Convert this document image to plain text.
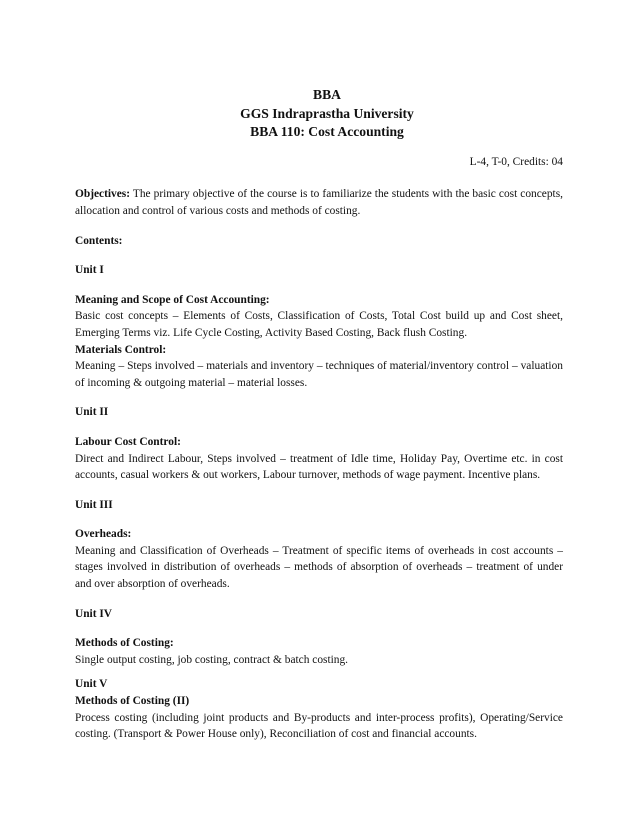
BBA
GGS Indraprastha University
BBA 110: Cost Accounting
L-4, T-0, Credits: 04
Objectives: The primary objective of the course is to familiarize the students with the basic cost concepts, allocation and control of various costs and methods of costing.
Contents:
Unit I
Meaning and Scope of Cost Accounting:
Basic cost concepts – Elements of Costs, Classification of Costs, Total Cost build up and Cost sheet, Emerging Terms viz. Life Cycle Costing, Activity Based Costing, Back flush Costing.
Materials Control:
Meaning – Steps involved – materials and inventory – techniques of material/inventory control – valuation of incoming & outgoing material – material losses.
Unit II
Labour Cost Control:
Direct and Indirect Labour, Steps involved – treatment of Idle time, Holiday Pay, Overtime etc. in cost accounts, casual workers & out workers, Labour turnover, methods of wage payment. Incentive plans.
Unit III
Overheads:
Meaning and Classification of Overheads – Treatment of specific items of overheads in cost accounts – stages involved in distribution of overheads – methods of absorption of overheads – treatment of under and over absorption of overheads.
Unit IV
Methods of Costing:
Single output costing, job costing, contract & batch costing.
Unit V
Methods of Costing (II)
Process costing (including joint products and By-products and inter-process profits), Operating/Service costing. (Transport & Power House only), Reconciliation of cost and financial accounts.
